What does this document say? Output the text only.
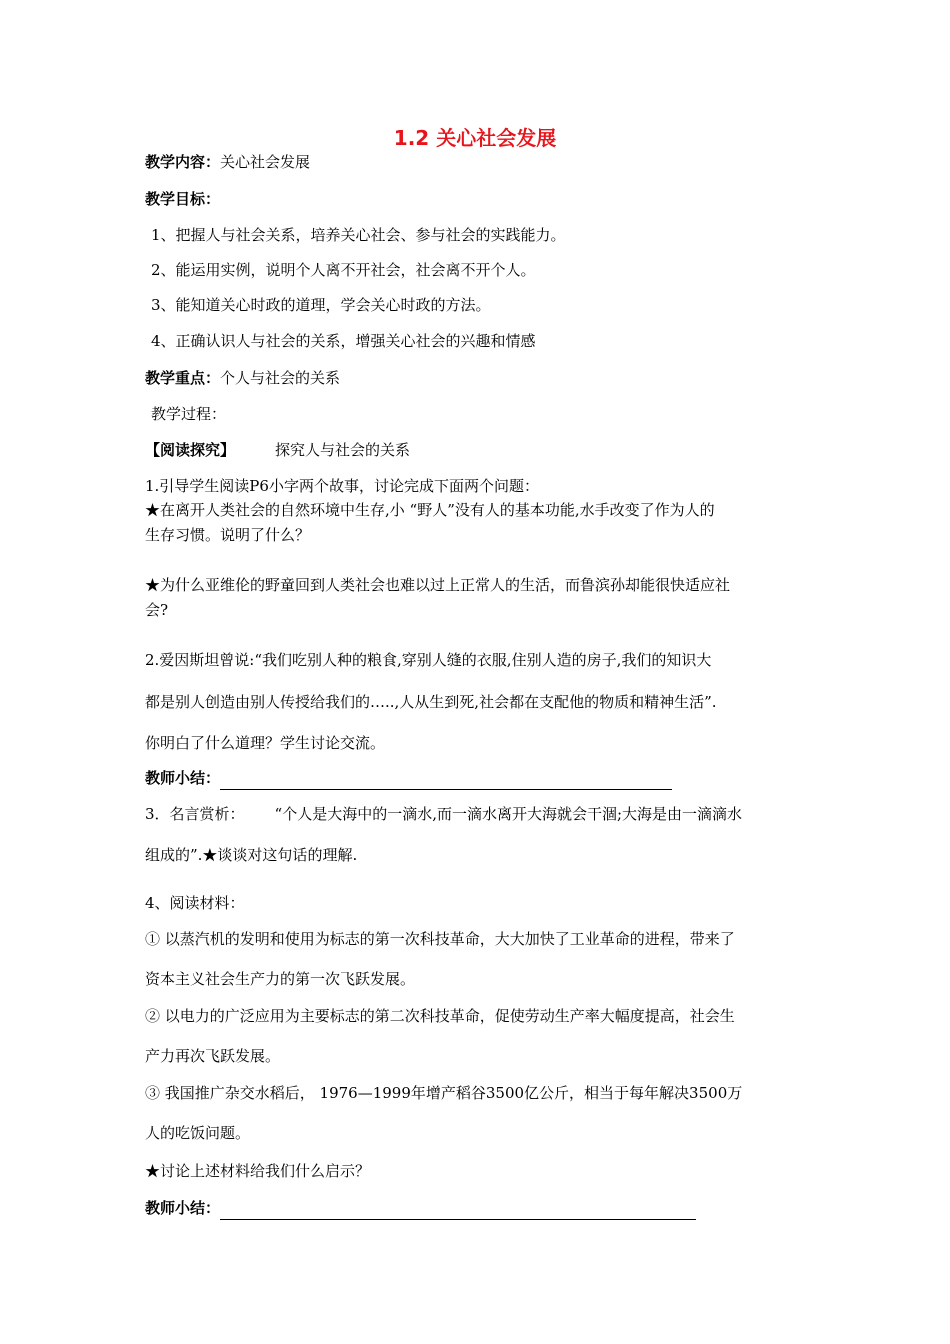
1.2 关心社会发展
教学内容：关心社会发展
教学目标：
1、把握人与社会关系，培养关心社会、参与社会的实践能力。
2、能运用实例，说明个人离不开社会，社会离不开个人。
3、能知道关心时政的道理，学会关心时政的方法。
4、正确认识人与社会的关系，增强关心社会的兴趣和情感
教学重点：个人与社会的关系
教学过程：
【阅读探究】	探究人与社会的关系
1.引导学生阅读P6小字两个故事，讨论完成下面两个问题：
★在离开人类社会的自然环境中生存,小 “野人”没有人的基本功能,水手改变了作为人的
生存习惯。说明了什么？
★为什么亚维伦的野童回到人类社会也难以过上正常人的生活，而鲁滨孙却能很快适应社
会?
2.爱因斯坦曾说:“我们吃别人种的粮食,穿别人缝的衣服,住别人造的房子,我们的知识大
都是别人创造由别人传授给我们的…..,人从生到死,社会都在支配他的物质和精神生活”.
你明白了什么道理？学生讨论交流。
教师小结：
3．名言赏析： “个人是大海中的一滴水,而一滴水离开大海就会干涸;大海是由一滴滴水
组成的”.★谈谈对这句话的理解.
4、阅读材料：
① 以蒸汽机的发明和使用为标志的第一次科技革命，大大加快了工业革命的进程，带来了
资本主义社会生产力的第一次飞跃发展。
② 以电力的广泛应用为主要标志的第二次科技革命，促使劳动生产率大幅度提高，社会生
产力再次飞跃发展。
③ 我国推广杂交水稻后， 1976—1999年增产稻谷3500亿公斤，相当于每年解决3500万
人的吃饭问题。
★讨论上述材料给我们什么启示？
教师小结：
